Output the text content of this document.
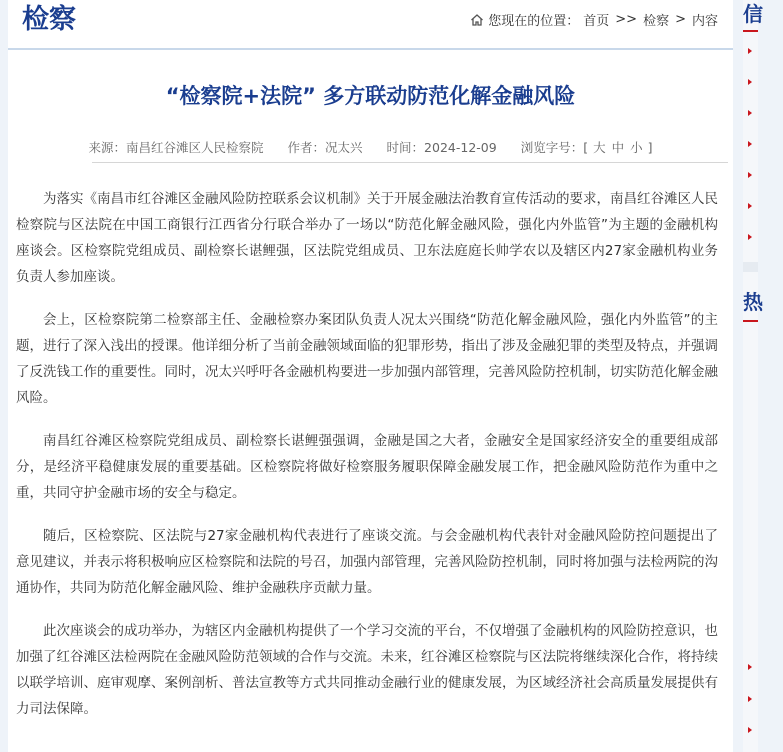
检察	您现在的位置： 首页 >> 检察 > 内容
“检察院+法院” 多方联动防范化解金融风险
来源：南昌红谷滩区人民检察院 作者：况太兴 时间：2024-12-09 浏览字号：[ 大 中 小 ]

为落实《南昌市红谷滩区金融风险防控联系会议机制》关于开展金融法治教育宣传活动的要求，南昌红谷滩区人民检察院与区法院在中国工商银行江西省分行联合举办了一场以“防范化解金融风险，强化内外监管”为主题的金融机构座谈会。区检察院党组成员、副检察长谌鲤强，区法院党组成员、卫东法庭庭长帅学农以及辖区内27家金融机构业务负责人参加座谈。

会上，区检察院第二检察部主任、金融检察办案团队负责人况太兴围绕“防范化解金融风险，强化内外监管”的主题，进行了深入浅出的授课。他详细分析了当前金融领域面临的犯罪形势，指出了涉及金融犯罪的类型及特点，并强调了反洗钱工作的重要性。同时，况太兴呼吁各金融机构要进一步加强内部管理，完善风险防控机制，切实防范化解金融风险。

南昌红谷滩区检察院党组成员、副检察长谌鲤强强调，金融是国之大者，金融安全是国家经济安全的重要组成部分，是经济平稳健康发展的重要基础。区检察院将做好检察服务履职保障金融发展工作，把金融风险防范作为重中之重，共同守护金融市场的安全与稳定。

随后，区检察院、区法院与27家金融机构代表进行了座谈交流。与会金融机构代表针对金融风险防控问题提出了意见建议，并表示将积极响应区检察院和法院的号召，加强内部管理，完善风险防控机制，同时将加强与法检两院的沟通协作，共同为防范化解金融风险、维护金融秩序贡献力量。

此次座谈会的成功举办，为辖区内金融机构提供了一个学习交流的平台，不仅增强了金融机构的风险防控意识，也加强了红谷滩区法检两院在金融风险防范领域的合作与交流。未来，红谷滩区检察院与区法院将继续深化合作，将持续以联学培训、庭审观摩、案例剖析、普法宣教等方式共同推动金融行业的健康发展，为区域经济社会高质量发展提供有力司法保障。

信
热
